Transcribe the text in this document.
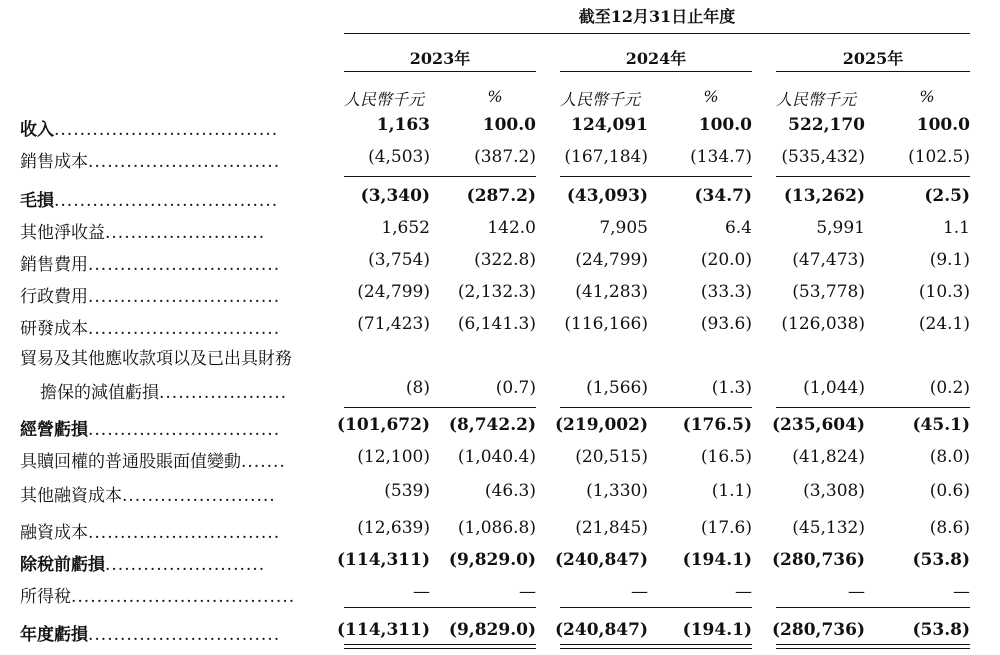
截至12月31日止年度
2023年	2024年	2025年
人民幣千元	%	人民幣千元	%	人民幣千元	%
收入...................................	1,163	100.0 124,091	100.0 522,170	100.0
銷售成本..............................	(4,503)	(387.2) (167,184) (134.7) (535,432)	(102.5)
毛損...................................	(3,340) (287.2) (43,093)	(34.7) (13,262)	(2.5)
其他淨收益.........................	1,652	142.0	7,905	6.4	5,991	1.1
銷售費用..............................	(3,754)	(322.8) (24,799)	(20.0) (47,473)	(9.1)
行政費用..............................	(24,799) (2,132.3) (41,283)	(33.3) (53,778)	(10.3)
研發成本..............................	(71,423) (6,141.3) (116,166)	(93.6) (126,038)	(24.1)
貿易及其他應收款項以及已出具財務
擔保的減值虧損....................	(8)	(0.7)	(1,566)	(1.3)	(1,044)	(0.2)
經營虧損..............................	(101,672) (8,742.2) (219,002) (176.5) (235,604)	(45.1)
具贖回權的普通股賬面值變動.......	(12,100) (1,040.4) (20,515)	(16.5) (41,824)	(8.0)
其他融資成本........................	(539)	(46.3)	(1,330)	(1.1)	(3,308)	(0.6)
融資成本..............................	(12,639) (1,086.8) (21,845)	(17.6) (45,132)	(8.6)
除稅前虧損.........................	(114,311) (9,829.0) (240,847) (194.1) (280,736)	(53.8)
所得稅...................................	—	—	—	—	—	—
年度虧損..............................	(114,311) (9,829.0) (240,847) (194.1) (280,736)	(53.8)
